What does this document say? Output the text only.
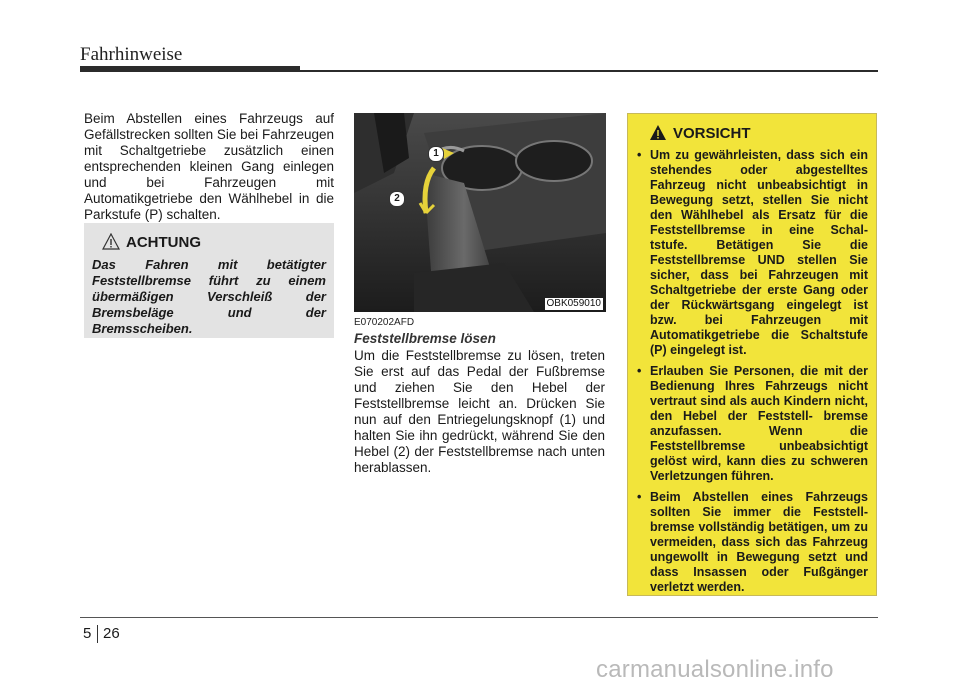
Fahrhinweise

Beim Abstellen eines Fahrzeugs auf Gefällstrecken sollten Sie bei Fahrzeugen mit Schaltgetriebe zusätzlich einen entsprechenden kleinen Gang einlegen und bei Fahrzeugen mit Automatikgetriebe den Wählhebel in die Parkstufe (P) schalten.

ACHTUNG

Das Fahren mit betätigter Feststellbremse führt zu einem übermäßigen Verschleiß der Bremsbeläge und der Bremsscheiben.

1
2
OBK059010
E070202AFD
Feststellbremse lösen

Um die Feststellbremse zu lösen, treten Sie erst auf das Pedal der Fußbremse und ziehen Sie den Hebel der Feststellbremse leicht an. Drücken Sie nun auf den Entriegelungsknopf (1) und halten Sie ihn gedrückt, während Sie den Hebel (2) der Feststellbremse nach unten herablassen.

VORSICHT
• Um zu gewährleisten, dass sich ein stehendes oder abgestelltes Fahrzeug nicht unbeabsichtigt in Bewegung setzt, stellen Sie nicht den Wählhebel als Ersatz für die Feststellbremse in eine Schal- tstufe. Betätigen Sie die Feststellbremse UND stellen Sie sicher, dass bei Fahrzeugen mit Schaltgetriebe der erste Gang oder der Rückwärtsgang eingelegt ist bzw. bei Fahrzeugen mit Automatikgetriebe die Schaltstufe (P) eingelegt ist.
• Erlauben Sie Personen, die mit der Bedienung Ihres Fahrzeugs nicht vertraut sind als auch Kindern nicht, den Hebel der Feststell- bremse anzufassen. Wenn die Feststellbremse unbeabsichtigt gelöst wird, kann dies zu schweren Verletzungen führen.
• Beim Abstellen eines Fahrzeugs sollten Sie immer die Feststell- bremse vollständig betätigen, um zu vermeiden, dass sich das Fahrzeug ungewollt in Bewegung setzt und dass Insassen oder Fußgänger verletzt werden.
5 26
carmanualsonline.info
